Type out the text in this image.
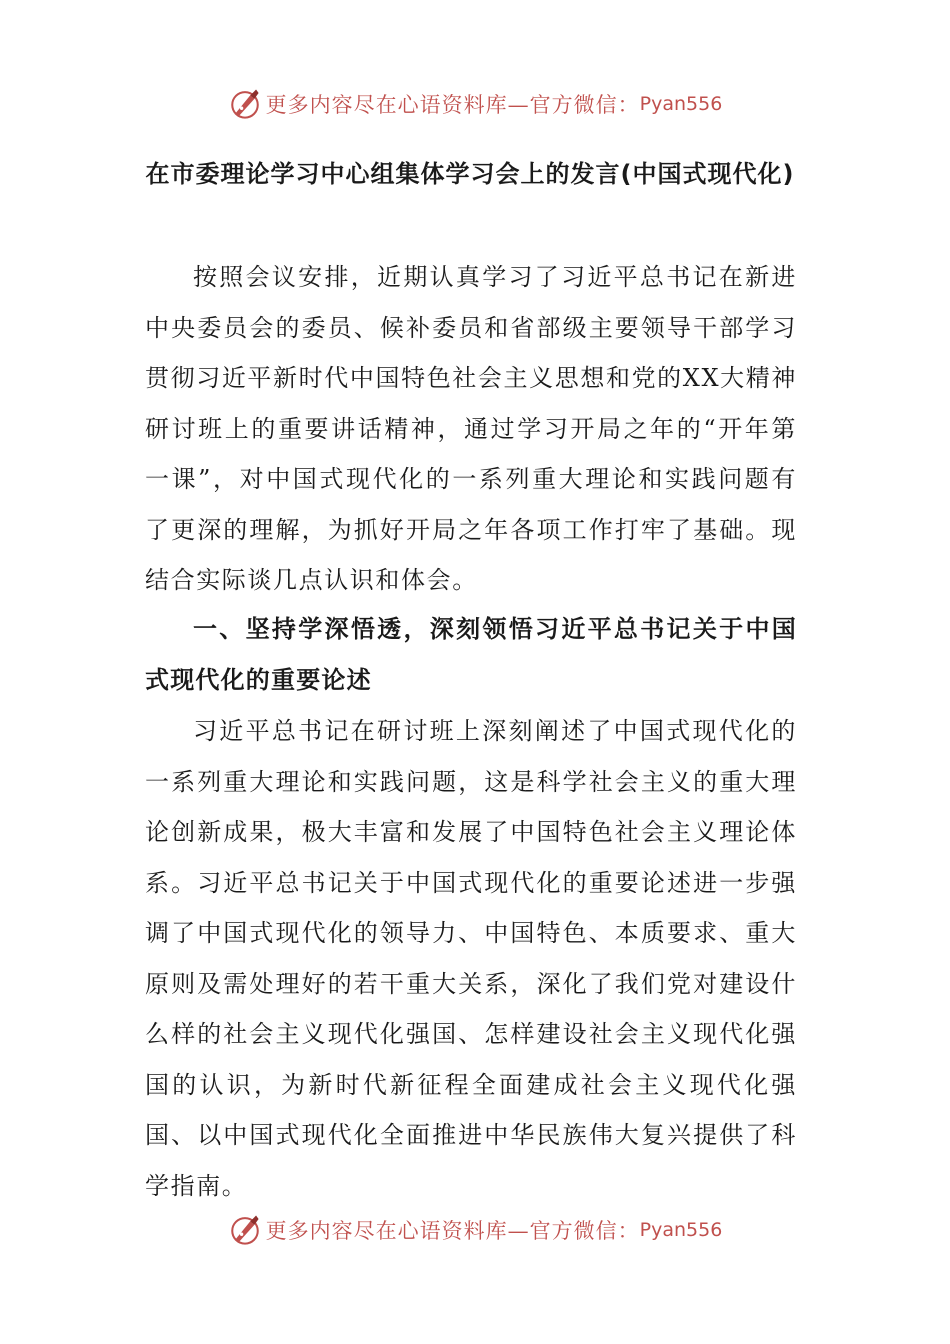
更多内容尽在心语资料库—官方微信： Pyan556
在市委理论学习中心组集体学习会上的发言(中国式现代化)

按照会议安排，近期认真学习了习近平总书记在新进中央委员会的委员、候补委员和省部级主要领导干部学习贯彻习近平新时代中国特色社会主义思想和党的XX大精神研讨班上的重要讲话精神，通过学习开局之年的“开年第一课”，对中国式现代化的一系列重大理论和实践问题有了更深的理解，为抓好开局之年各项工作打牢了基础。现结合实际谈几点认识和体会。

一、坚持学深悟透，深刻领悟习近平总书记关于中国式现代化的重要论述

习近平总书记在研讨班上深刻阐述了中国式现代化的一系列重大理论和实践问题，这是科学社会主义的重大理论创新成果，极大丰富和发展了中国特色社会主义理论体系。习近平总书记关于中国式现代化的重要论述进一步强调了中国式现代化的领导力、中国特色、本质要求、重大原则及需处理好的若干重大关系，深化了我们党对建设什么样的社会主义现代化强国、怎样建设社会主义现代化强国的认识，为新时代新征程全面建成社会主义现代化强国、以中国式现代化全面推进中华民族伟大复兴提供了科学指南。

更多内容尽在心语资料库—官方微信： Pyan556
